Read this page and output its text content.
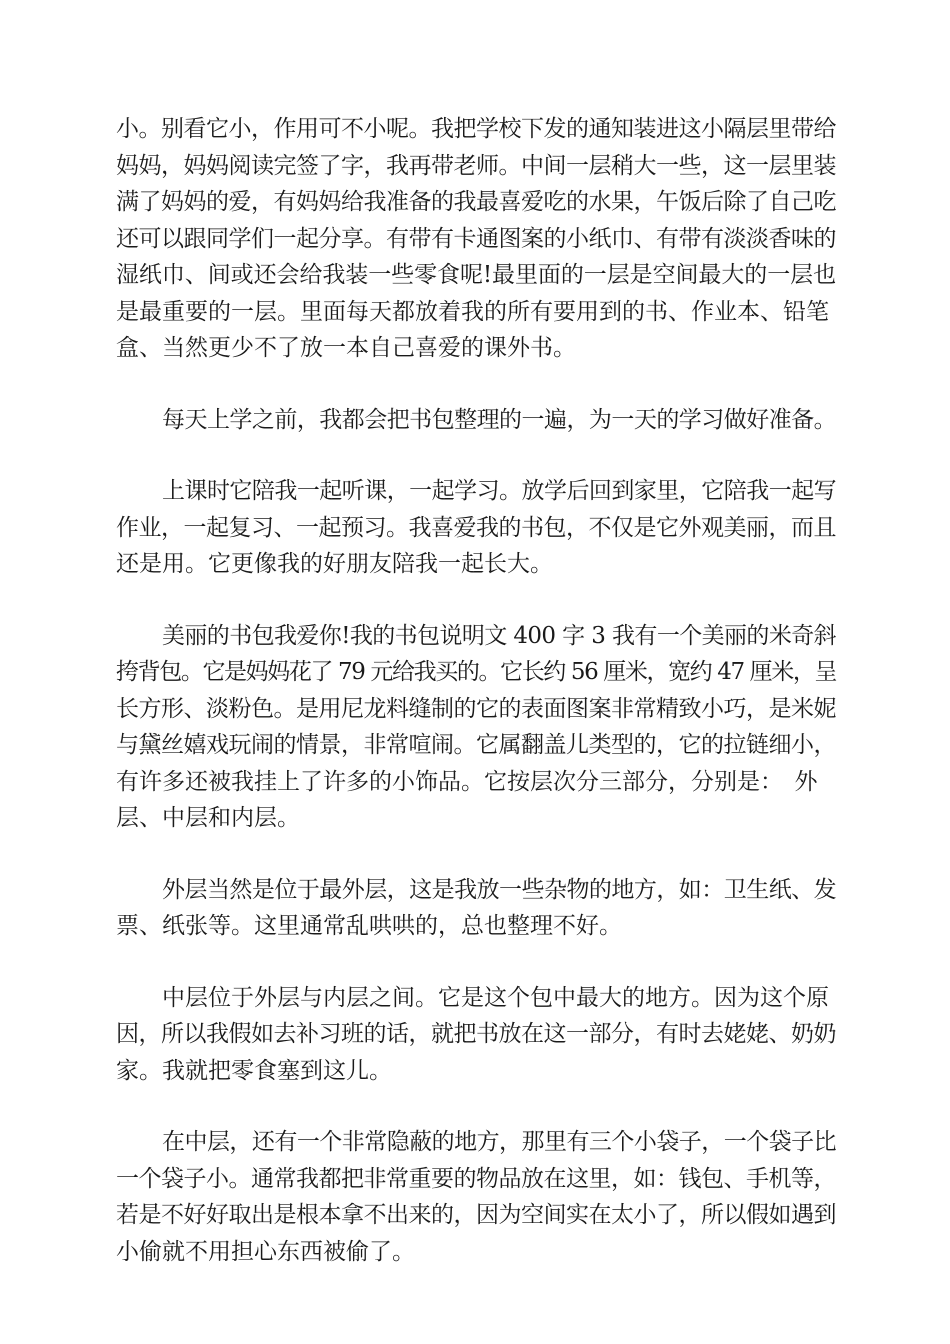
小。别看它小，作用可不小呢。我把学校下发的通知装进这小隔层里带给
妈妈，妈妈阅读完签了字，我再带老师。中间一层稍大一些，这一层里装
满了妈妈的爱，有妈妈给我准备的我最喜爱吃的水果，午饭后除了自己吃
还可以跟同学们一起分享。有带有卡通图案的小纸巾、有带有淡淡香味的
湿纸巾、间或还会给我装一些零食呢!最里面的一层是空间最大的一层也
是最重要的一层。里面每天都放着我的所有要用到的书、作业本、铅笔
盒、当然更少不了放一本自己喜爱的课外书。

每天上学之前，我都会把书包整理的一遍，为一天的学习做好准备。

上课时它陪我一起听课，一起学习。放学后回到家里，它陪我一起写
作业，一起复习、一起预习。我喜爱我的书包，不仅是它外观美丽，而且
还是用。它更像我的好朋友陪我一起长大。

美丽的书包我爱你!我的书包说明文 400 字 3 我有一个美丽的米奇斜
挎背包。它是妈妈花了 79 元给我买的。它长约 56 厘米，宽约 47 厘米，呈
长方形、淡粉色。是用尼龙料缝制的它的表面图案非常精致小巧，是米妮
与黛丝嬉戏玩闹的情景，非常喧闹。它属翻盖儿类型的，它的拉链细小，
有许多还被我挂上了许多的小饰品。它按层次分三部分，分别是：　外
层、中层和内层。

外层当然是位于最外层，这是我放一些杂物的地方，如：卫生纸、发
票、纸张等。这里通常乱哄哄的，总也整理不好。

中层位于外层与内层之间。它是这个包中最大的地方。因为这个原
因，所以我假如去补习班的话，就把书放在这一部分，有时去姥姥、奶奶
家。我就把零食塞到这儿。

在中层，还有一个非常隐蔽的地方，那里有三个小袋子，一个袋子比
一个袋子小。通常我都把非常重要的物品放在这里，如：钱包、手机等，
若是不好好取出是根本拿不出来的，因为空间实在太小了，所以假如遇到
小偷就不用担心东西被偷了。
